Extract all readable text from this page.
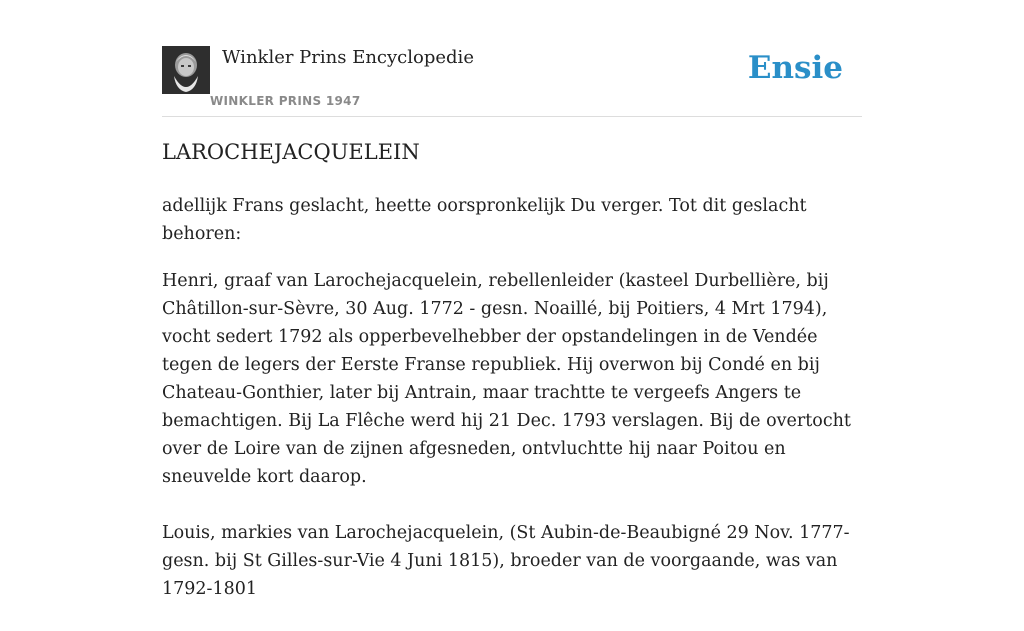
Winkler Prins Encyclopedie
WINKLER PRINS 1947
Ensie
LAROCHEJACQUELEIN

adellijk Frans geslacht, heette oorspronkelijk Du verger. Tot dit geslacht behoren:

Henri, graaf van Larochejacquelein, rebellenleider (kasteel Durbellière, bij Châtillon-sur-Sèvre, 30 Aug. 1772 - gesn. Noaillé, bij Poitiers, 4 Mrt 1794), vocht sedert 1792 als opperbevelhebber der opstandelingen in de Vendée tegen de legers der Eerste Franse republiek. Hij overwon bij Condé en bij Chateau-Gonthier, later bij Antrain, maar trachtte te vergeefs Angers te bemachtigen. Bij La Flêche werd hij 21 Dec. 1793 verslagen. Bij de overtocht over de Loire van de zijnen afgesneden, ontvluchtte hij naar Poitou en sneuvelde kort daarop.

Louis, markies van Larochejacquelein, (St Aubin-de-Beaubigné 29 Nov. 1777-gesn. bij St Gilles-sur-Vie 4 Juni 1815), broeder van de voorgaande, was van 1792-1801
